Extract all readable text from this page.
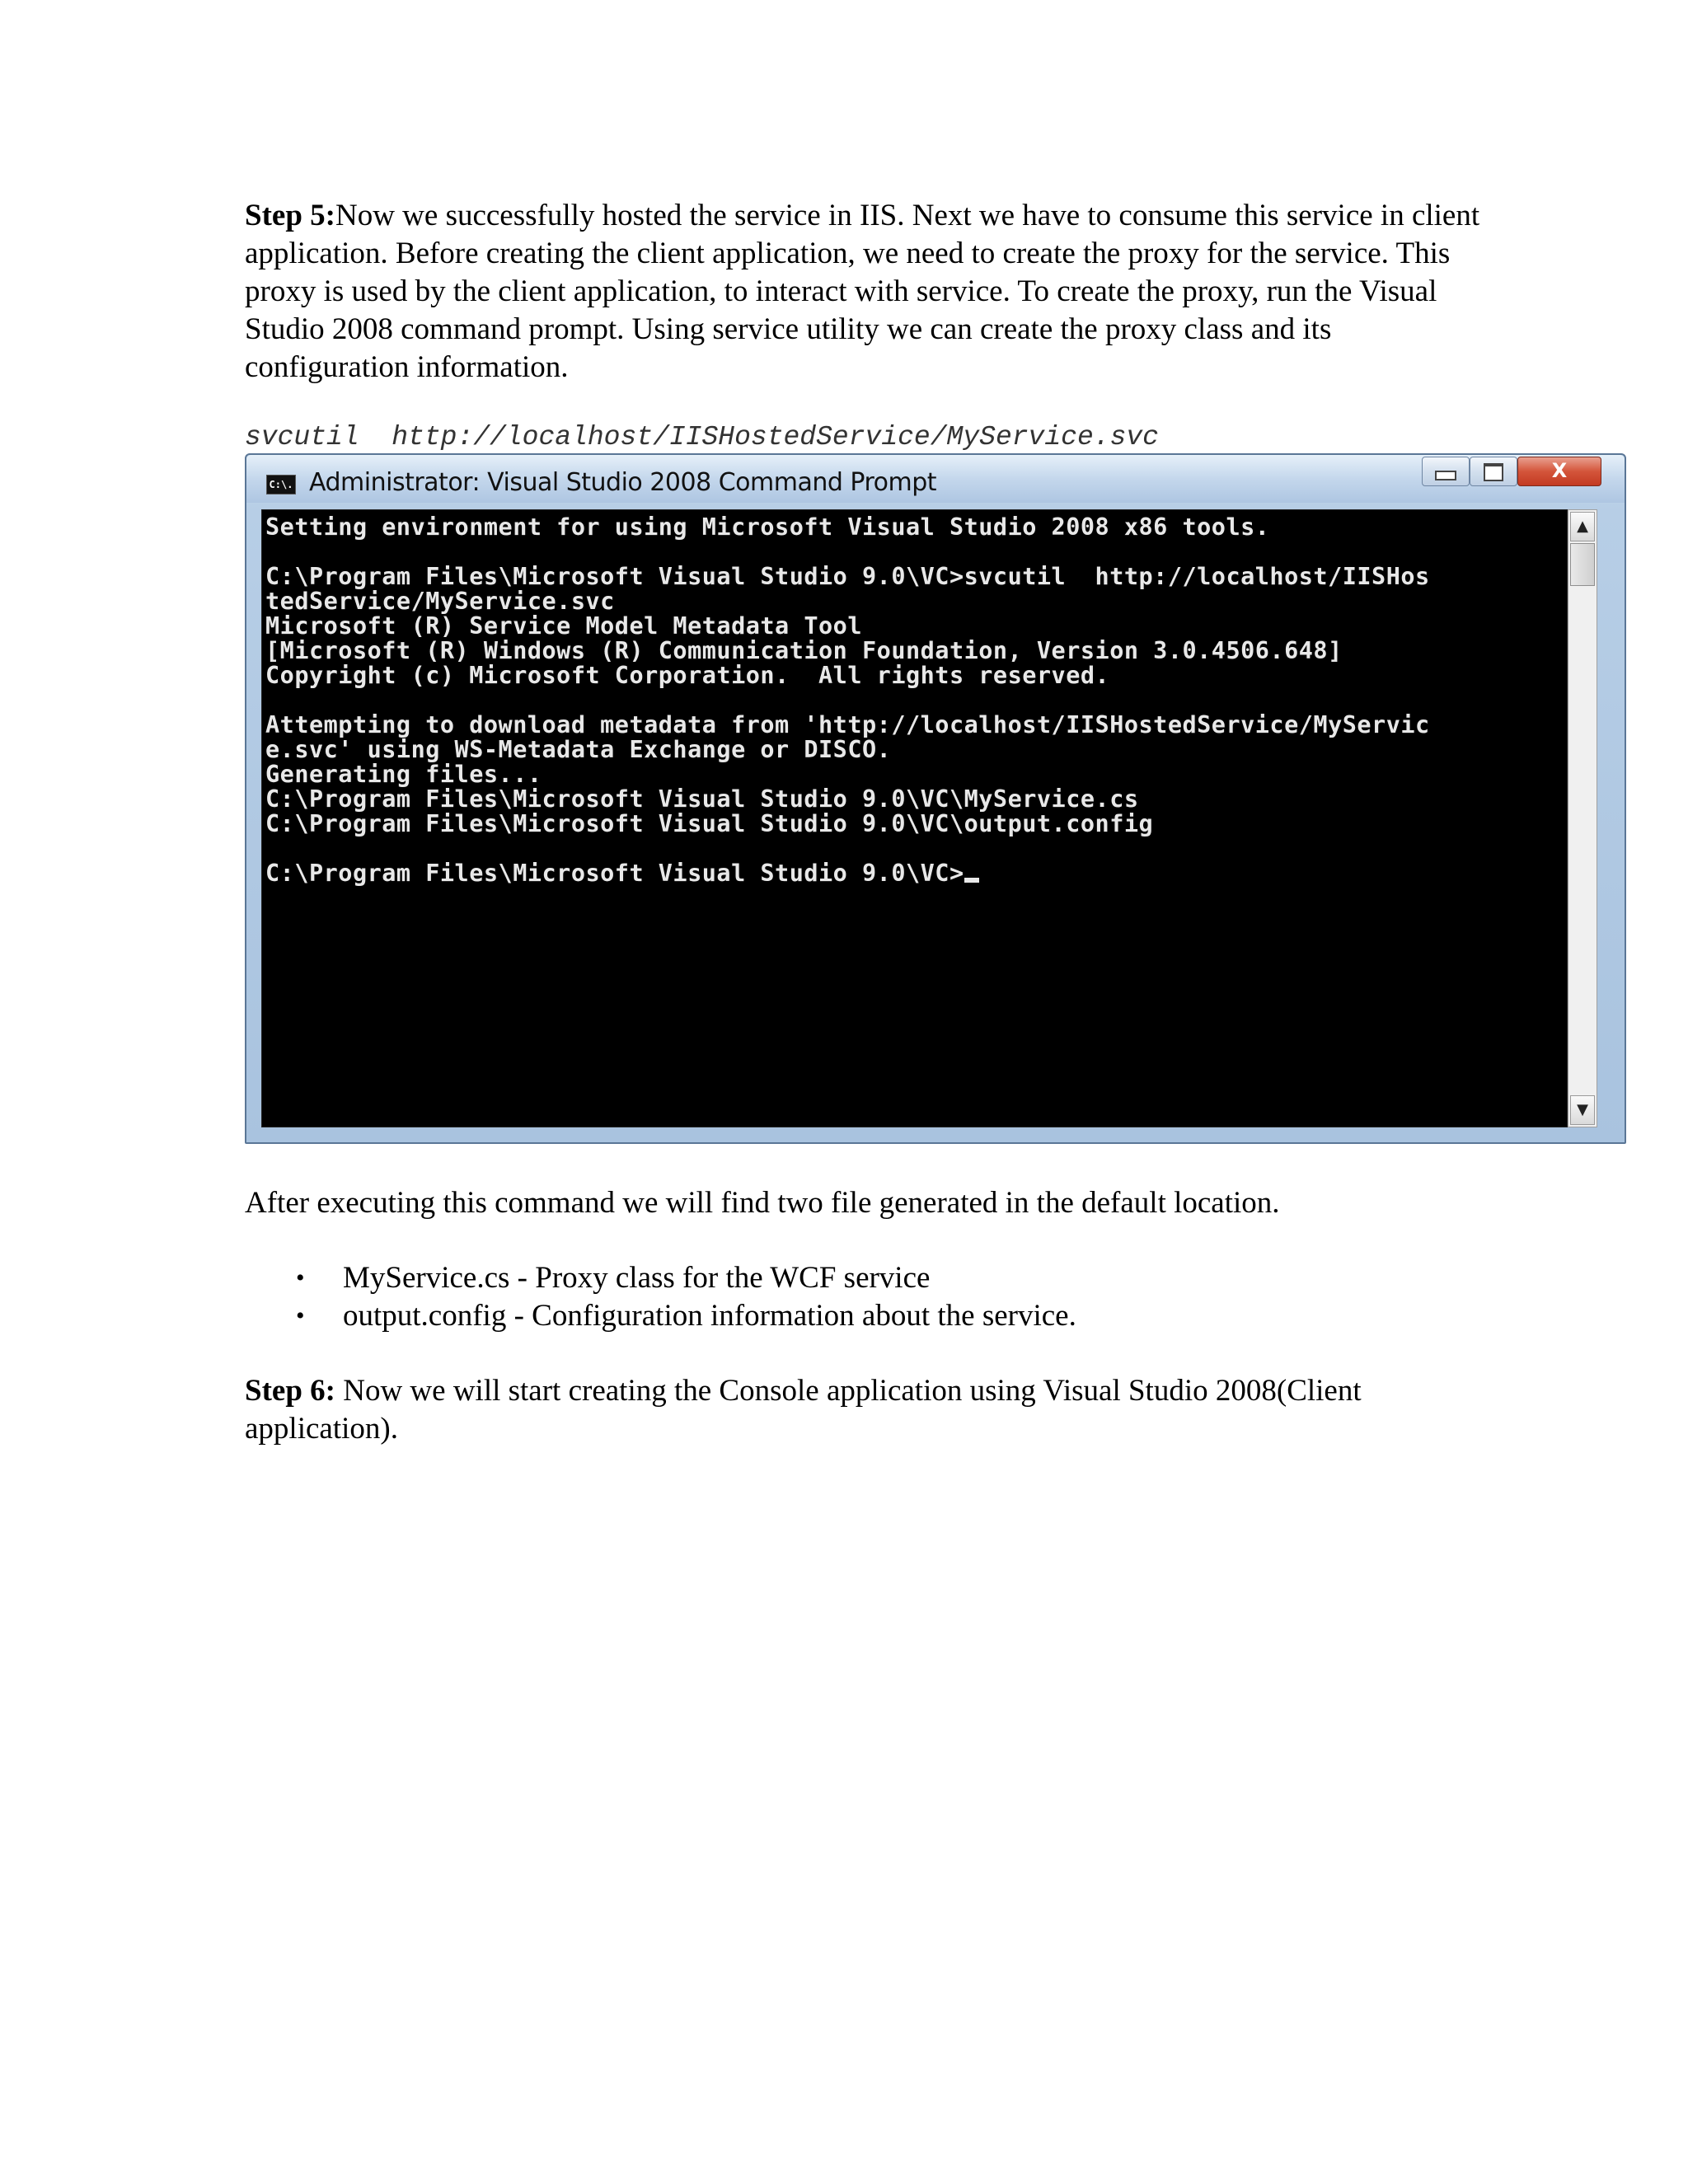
Step 5:Now we successfully hosted the service in IIS. Next we have to consume this service in client application. Before creating the client application, we need to create the proxy for the service. This proxy is used by the client application, to interact with service. To create the proxy, run the Visual Studio 2008 command prompt. Using service utility we can create the proxy class and its configuration information.

svcutil  http://localhost/IISHostedService/MyService.svc
C:\. Administrator: Visual Studio 2008 Command Prompt	X
Setting environment for using Microsoft Visual Studio 2008 x86 tools.
C:\Program Files\Microsoft Visual Studio 9.0\VC>svcutil  http://localhost/IISHos
tedService/MyService.svc
Microsoft (R) Service Model Metadata Tool
[Microsoft (R) Windows (R) Communication Foundation, Version 3.0.4506.648]
Copyright (c) Microsoft Corporation.  All rights reserved.
Attempting to download metadata from 'http://localhost/IISHostedService/MyServic
e.svc' using WS-Metadata Exchange or DISCO.
Generating files...
C:\Program Files\Microsoft Visual Studio 9.0\VC\MyService.cs
C:\Program Files\Microsoft Visual Studio 9.0\VC\output.config
C:\Program Files\Microsoft Visual Studio 9.0\VC>
▲
▼

After executing this command we will find two file generated in the default location.

• MyService.cs - Proxy class for the WCF service
• output.config - Configuration information about the service.

Step 6: Now we will start creating the Console application using Visual Studio 2008(Client application).
